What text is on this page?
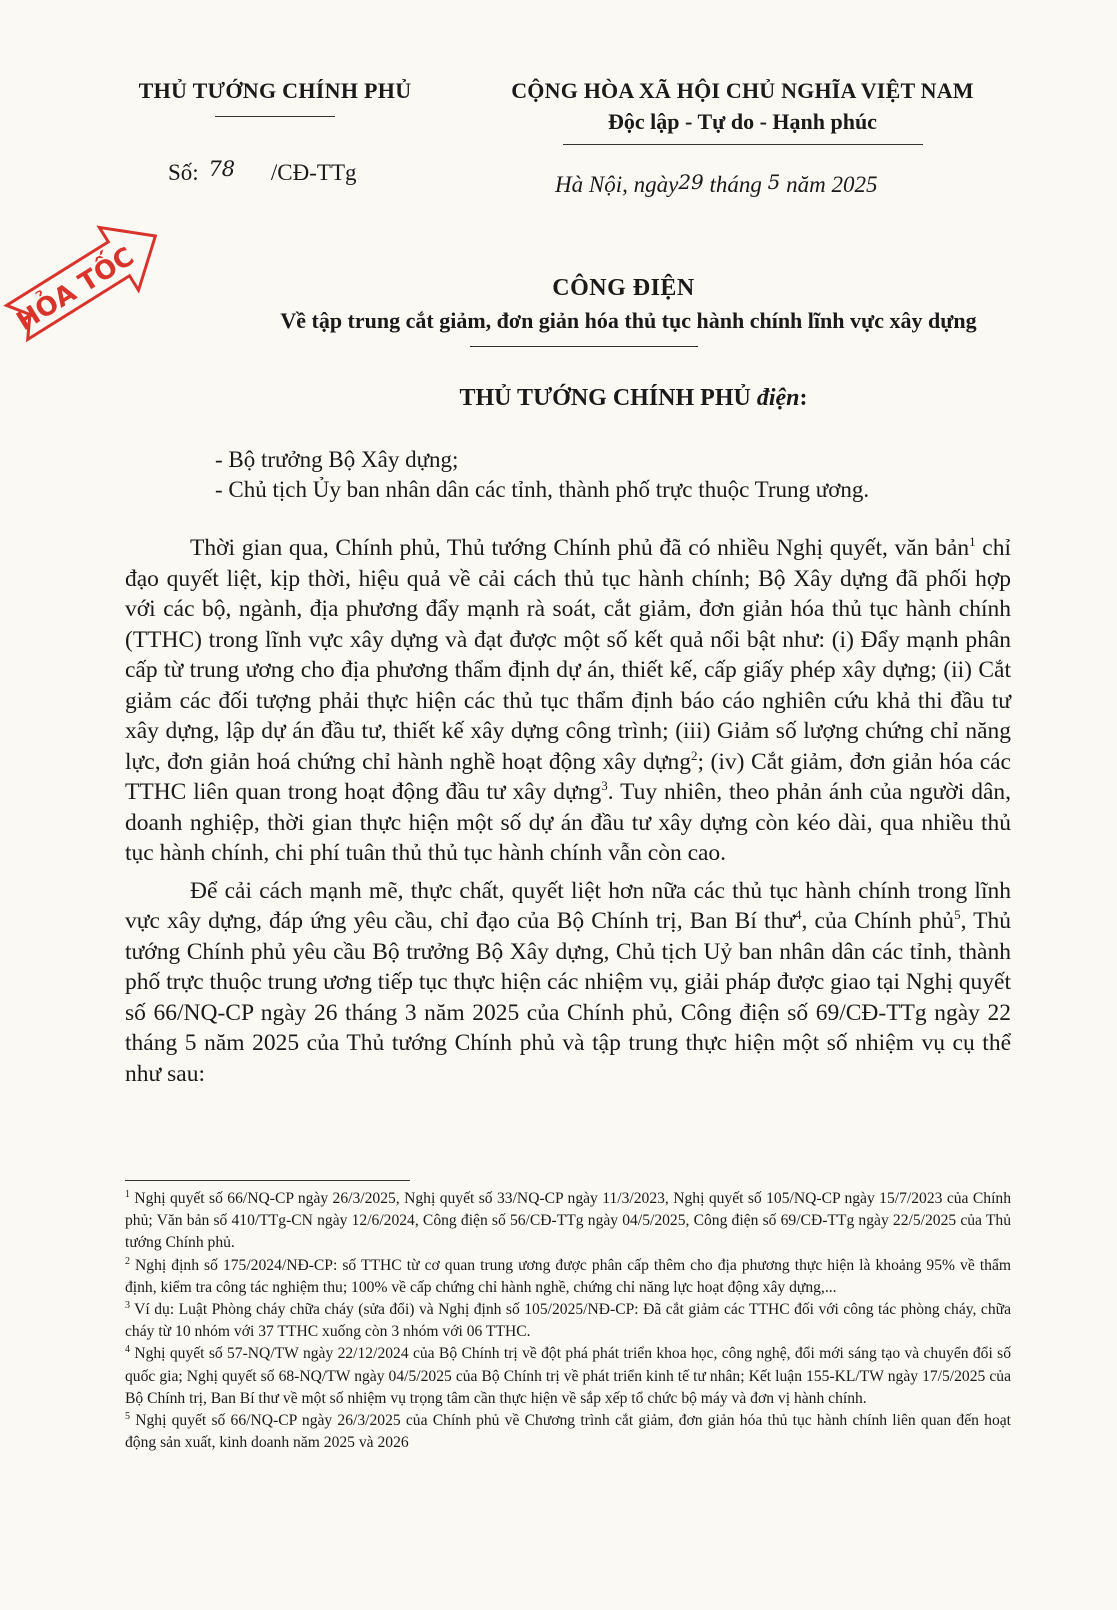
THỦ TƯỚNG CHÍNH PHỦ
Số: 78 /CĐ-TTg
CỘNG HÒA XÃ HỘI CHỦ NGHĨA VIỆT NAM
Độc lập - Tự do - Hạnh phúc
Hà Nội, ngày29 tháng 5 năm 2025
HỎA TỐC	CÔNG ĐIỆN
Về tập trung cắt giảm, đơn giản hóa thủ tục hành chính lĩnh vực xây dựng
THỦ TƯỚNG CHÍNH PHỦ điện:
- Bộ trưởng Bộ Xây dựng;
- Chủ tịch Ủy ban nhân dân các tỉnh, thành phố trực thuộc Trung ương.

Thời gian qua, Chính phủ, Thủ tướng Chính phủ đã có nhiều Nghị quyết, văn bản$^1$ chỉ đạo quyết liệt, kịp thời, hiệu quả về cải cách thủ tục hành chính; Bộ Xây dựng đã phối hợp với các bộ, ngành, địa phương đẩy mạnh rà soát, cắt giảm, đơn giản hóa thủ tục hành chính (TTHC) trong lĩnh vực xây dựng và đạt được một số kết quả nổi bật như: (i) Đẩy mạnh phân cấp từ trung ương cho địa phương thẩm định dự án, thiết kế, cấp giấy phép xây dựng; (ii) Cắt giảm các đối tượng phải thực hiện các thủ tục thẩm định báo cáo nghiên cứu khả thi đầu tư xây dựng, lập dự án đầu tư, thiết kế xây dựng công trình; (iii) Giảm số lượng chứng chỉ năng lực, đơn giản hoá chứng chỉ hành nghề hoạt động xây dựng$^2$; (iv) Cắt giảm, đơn giản hóa các TTHC liên quan trong hoạt động đầu tư xây dựng$^3$. Tuy nhiên, theo phản ánh của người dân, doanh nghiệp, thời gian thực hiện một số dự án đầu tư xây dựng còn kéo dài, qua nhiều thủ tục hành chính, chi phí tuân thủ thủ tục hành chính vẫn còn cao.

Để cải cách mạnh mẽ, thực chất, quyết liệt hơn nữa các thủ tục hành chính trong lĩnh vực xây dựng, đáp ứng yêu cầu, chỉ đạo của Bộ Chính trị, Ban Bí thư$^4$, của Chính phủ$^5$, Thủ tướng Chính phủ yêu cầu Bộ trưởng Bộ Xây dựng, Chủ tịch Uỷ ban nhân dân các tỉnh, thành phố trực thuộc trung ương tiếp tục thực hiện các nhiệm vụ, giải pháp được giao tại Nghị quyết số 66/NQ-CP ngày 26 tháng 3 năm 2025 của Chính phủ, Công điện số 69/CĐ-TTg ngày 22 tháng 5 năm 2025 của Thủ tướng Chính phủ và tập trung thực hiện một số nhiệm vụ cụ thể như sau:

$^1$ Nghị quyết số 66/NQ-CP ngày 26/3/2025, Nghị quyết số 33/NQ-CP ngày 11/3/2023, Nghị quyết số 105/NQ-CP ngày 15/7/2023 của Chính phủ; Văn bản số 410/TTg-CN ngày 12/6/2024, Công điện số 56/CĐ-TTg ngày 04/5/2025, Công điện số 69/CĐ-TTg ngày 22/5/2025 của Thủ tướng Chính phủ.

$^2$ Nghị định số 175/2024/NĐ-CP: số TTHC từ cơ quan trung ương được phân cấp thêm cho địa phương thực hiện là khoảng 95% về thẩm định, kiểm tra công tác nghiệm thu; 100% về cấp chứng chỉ hành nghề, chứng chỉ năng lực hoạt động xây dựng,...

$^3$ Ví dụ: Luật Phòng cháy chữa cháy (sửa đổi) và Nghị định số 105/2025/NĐ-CP: Đã cắt giảm các TTHC đối với công tác phòng cháy, chữa cháy từ 10 nhóm với 37 TTHC xuống còn 3 nhóm với 06 TTHC.

$^4$ Nghị quyết số 57-NQ/TW ngày 22/12/2024 của Bộ Chính trị về đột phá phát triển khoa học, công nghệ, đổi mới sáng tạo và chuyển đổi số quốc gia; Nghị quyết số 68-NQ/TW ngày 04/5/2025 của Bộ Chính trị về phát triển kinh tế tư nhân; Kết luận 155-KL/TW ngày 17/5/2025 của Bộ Chính trị, Ban Bí thư về một số nhiệm vụ trọng tâm cần thực hiện về sắp xếp tổ chức bộ máy và đơn vị hành chính.

$^5$ Nghị quyết số 66/NQ-CP ngày 26/3/2025 của Chính phủ về Chương trình cắt giảm, đơn giản hóa thủ tục hành chính liên quan đến hoạt động sản xuất, kinh doanh năm 2025 và 2026
